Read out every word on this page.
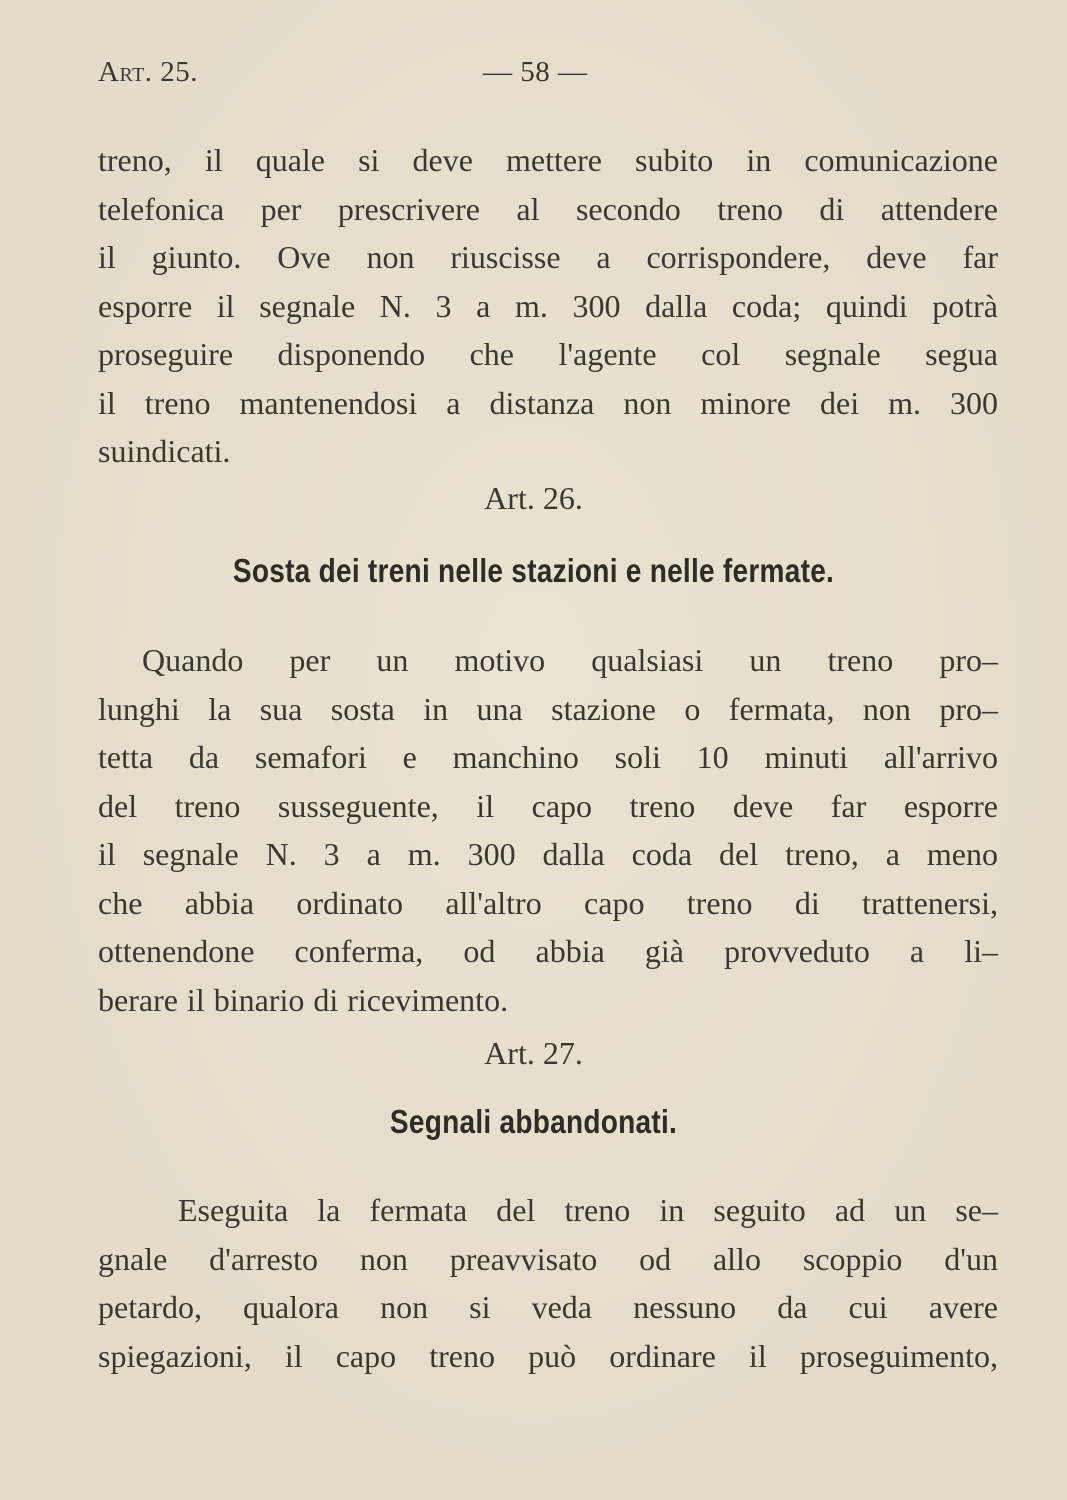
Art. 25.	— 58 —
treno, il quale si deve mettere subito in comunicazione
telefonica per prescrivere al secondo treno di attendere
il giunto. Ove non riuscisse a corrispondere, deve far
esporre il segnale N. 3 a m. 300 dalla coda; quindi potrà
proseguire disponendo che l'agente col segnale segua
il treno mantenendosi a distanza non minore dei m. 300
suindicati.
Art. 26.
Sosta dei treni nelle stazioni e nelle fermate.
Quando per un motivo qualsiasi un treno pro–
lunghi la sua sosta in una stazione o fermata, non pro–
tetta da semafori e manchino soli 10 minuti all'arrivo
del treno susseguente, il capo treno deve far esporre
il segnale N. 3 a m. 300 dalla coda del treno, a meno
che abbia ordinato all'altro capo treno di trattenersi,
ottenendone conferma, od abbia già provveduto a li–
berare il binario di ricevimento.
Art. 27.
Segnali abbandonati.
Eseguita la fermata del treno in seguito ad un se–
gnale d'arresto non preavvisato od allo scoppio d'un
petardo, qualora non si veda nessuno da cui avere
spiegazioni, il capo treno può ordinare il proseguimento,
